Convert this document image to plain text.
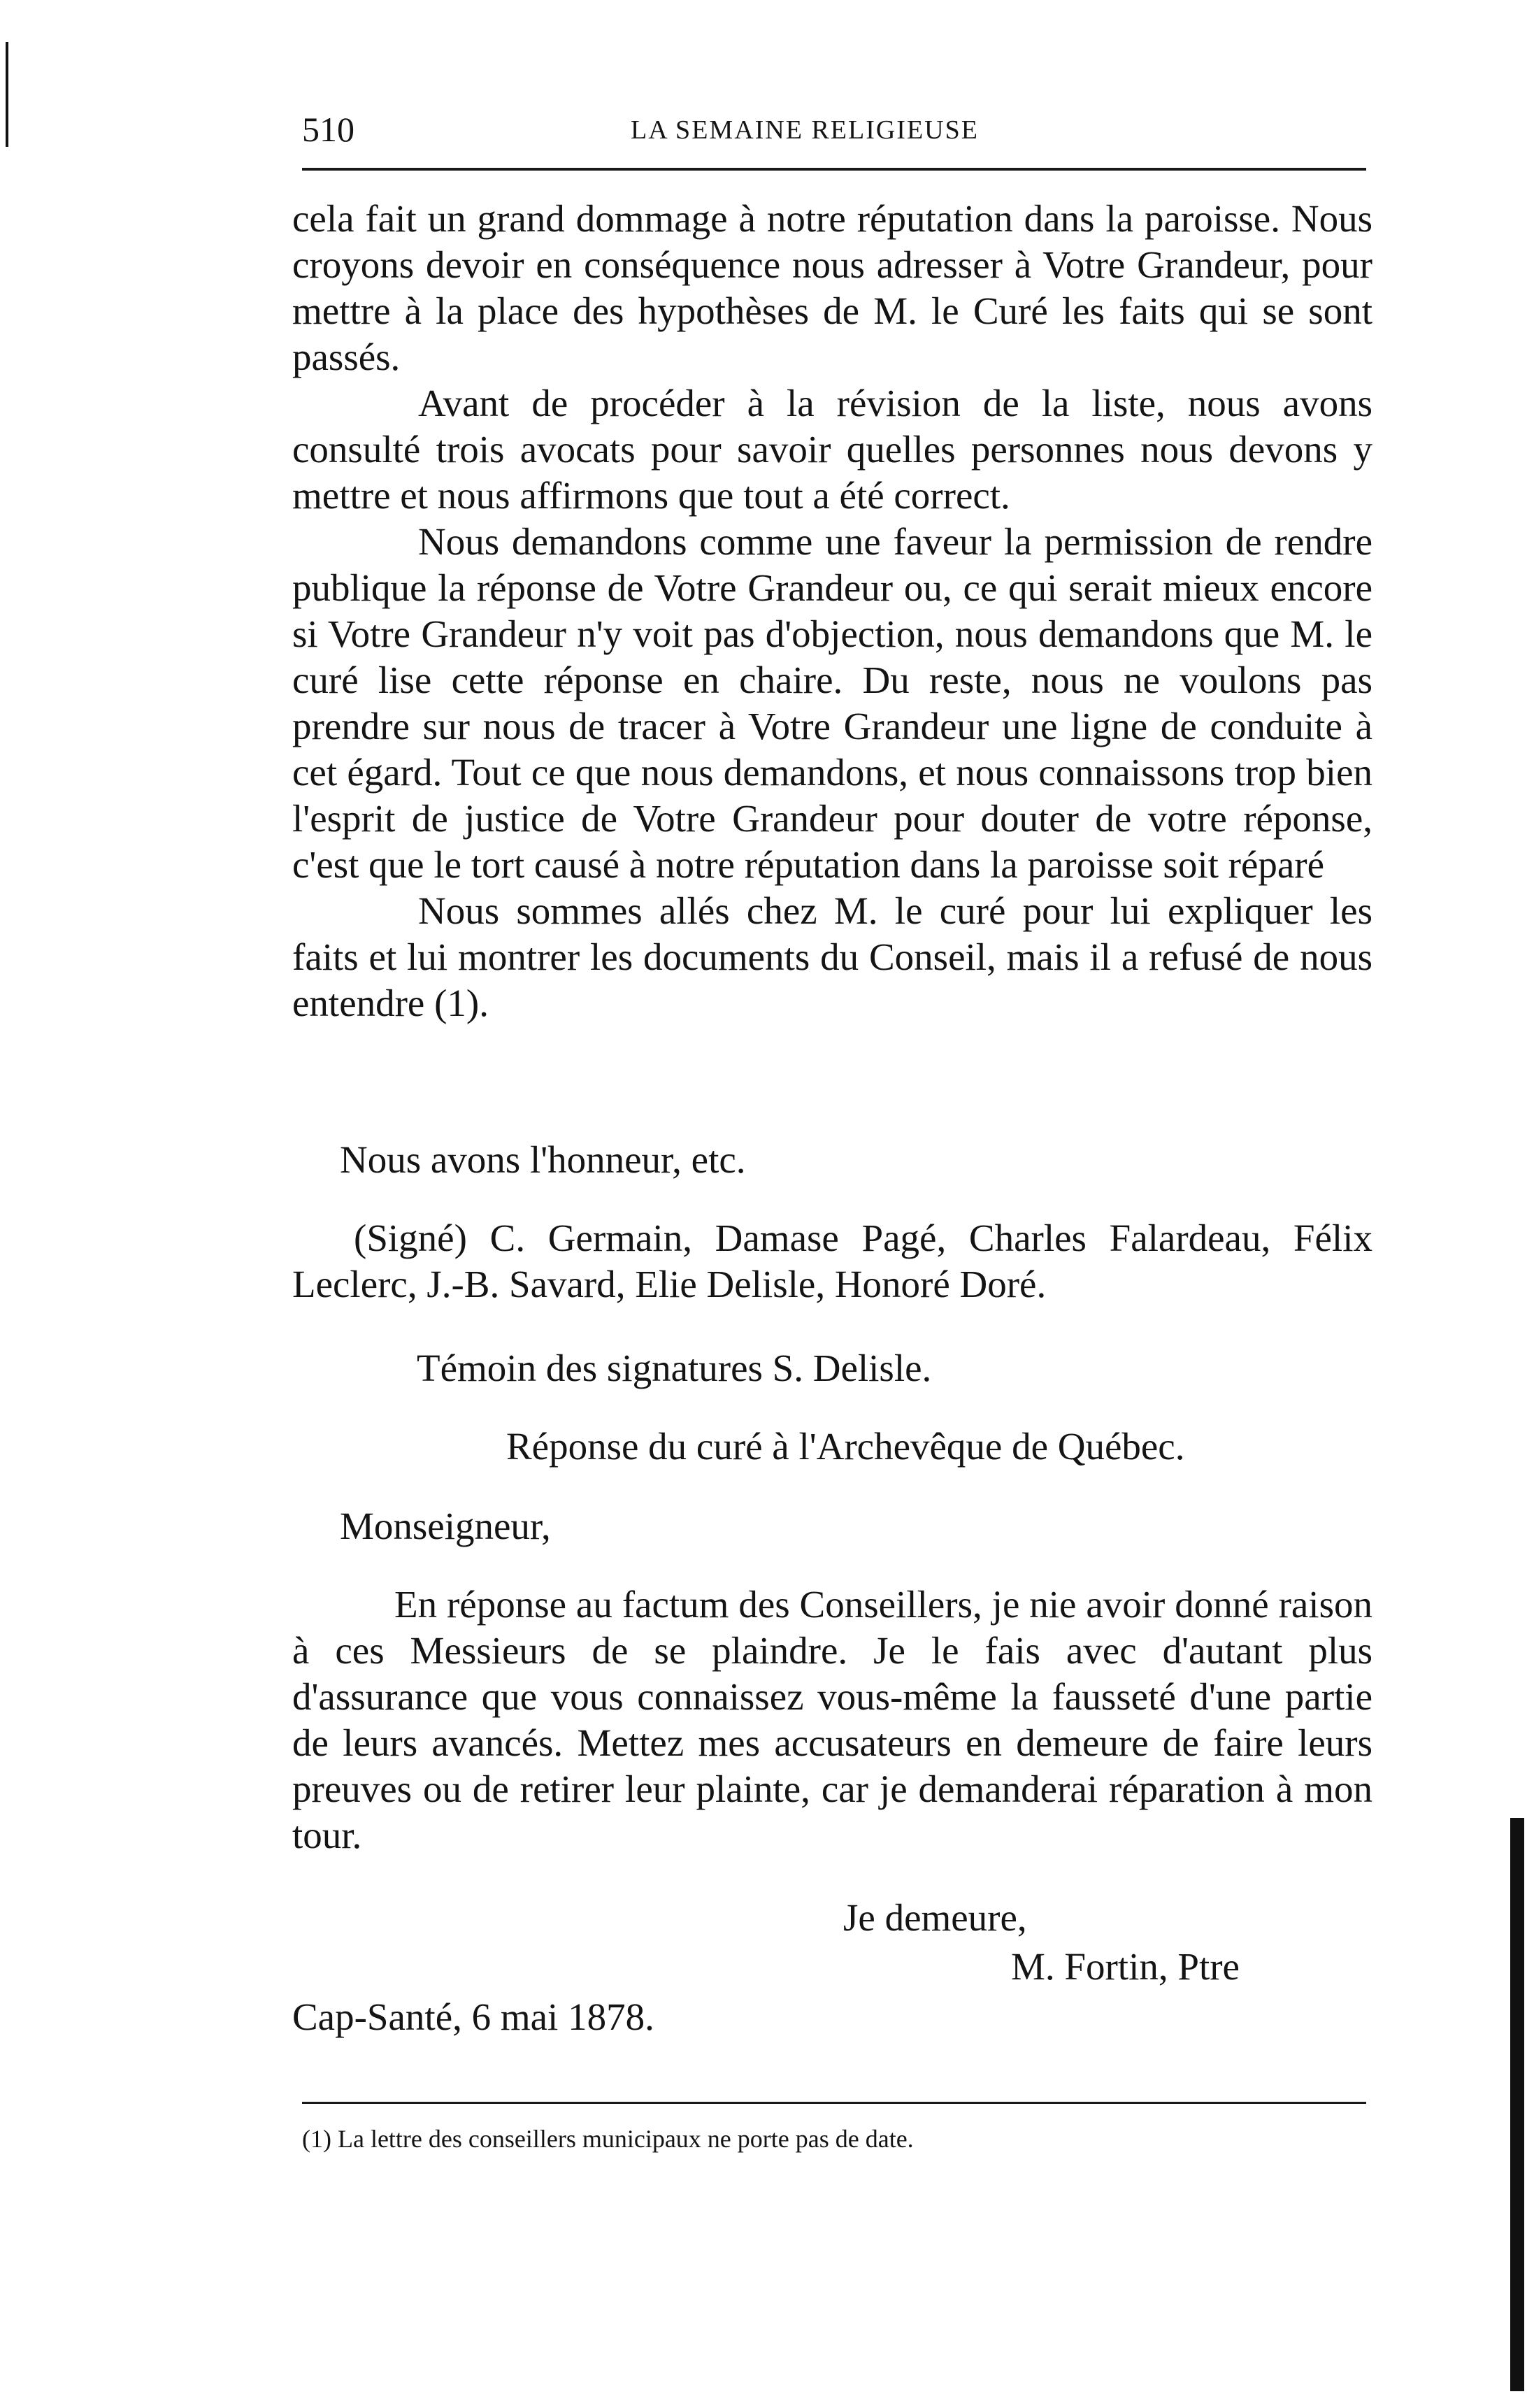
510	LA SEMAINE RELIGIEUSE

cela fait un grand dommage à notre réputation dans la paroisse. Nous croyons devoir en conséquence nous adresser à Votre Grandeur, pour mettre à la place des hypothèses de M. le Curé les faits qui se sont passés.

Avant de procéder à la révision de la liste, nous avons consulté trois avocats pour savoir quelles personnes nous devons y mettre et nous affirmons que tout a été correct.

Nous demandons comme une faveur la permission de rendre publique la réponse de Votre Grandeur ou, ce qui serait mieux encore si Votre Grandeur n'y voit pas d'objection, nous demandons que M. le curé lise cette réponse en chaire. Du reste, nous ne voulons pas prendre sur nous de tracer à Votre Grandeur une ligne de conduite à cet égard. Tout ce que nous demandons, et nous connaissons trop bien l'esprit de justice de Votre Grandeur pour douter de votre réponse, c'est que le tort causé à notre réputation dans la paroisse soit réparé

Nous sommes allés chez M. le curé pour lui expliquer les faits et lui montrer les documents du Conseil, mais il a refusé de nous entendre (1).

Nous avons l'honneur, etc.

(Signé) C. Germain, Damase Pagé, Charles Falardeau, Félix Leclerc, J.-B. Savard, Elie Delisle, Honoré Doré.

Témoin des signatures S. Delisle.
Réponse du curé à l'Archevêque de Québec.
Monseigneur,

En réponse au factum des Conseillers, je nie avoir donné raison à ces Messieurs de se plaindre. Je le fais avec d'autant plus d'assurance que vous connaissez vous-même la fausseté d'une partie de leurs avancés. Mettez mes accusateurs en demeure de faire leurs preuves ou de retirer leur plainte, car je demanderai réparation à mon tour.

Je demeure,
M. Fortin, Ptre
Cap-Santé, 6 mai 1878.
(1) La lettre des conseillers municipaux ne porte pas de date.
